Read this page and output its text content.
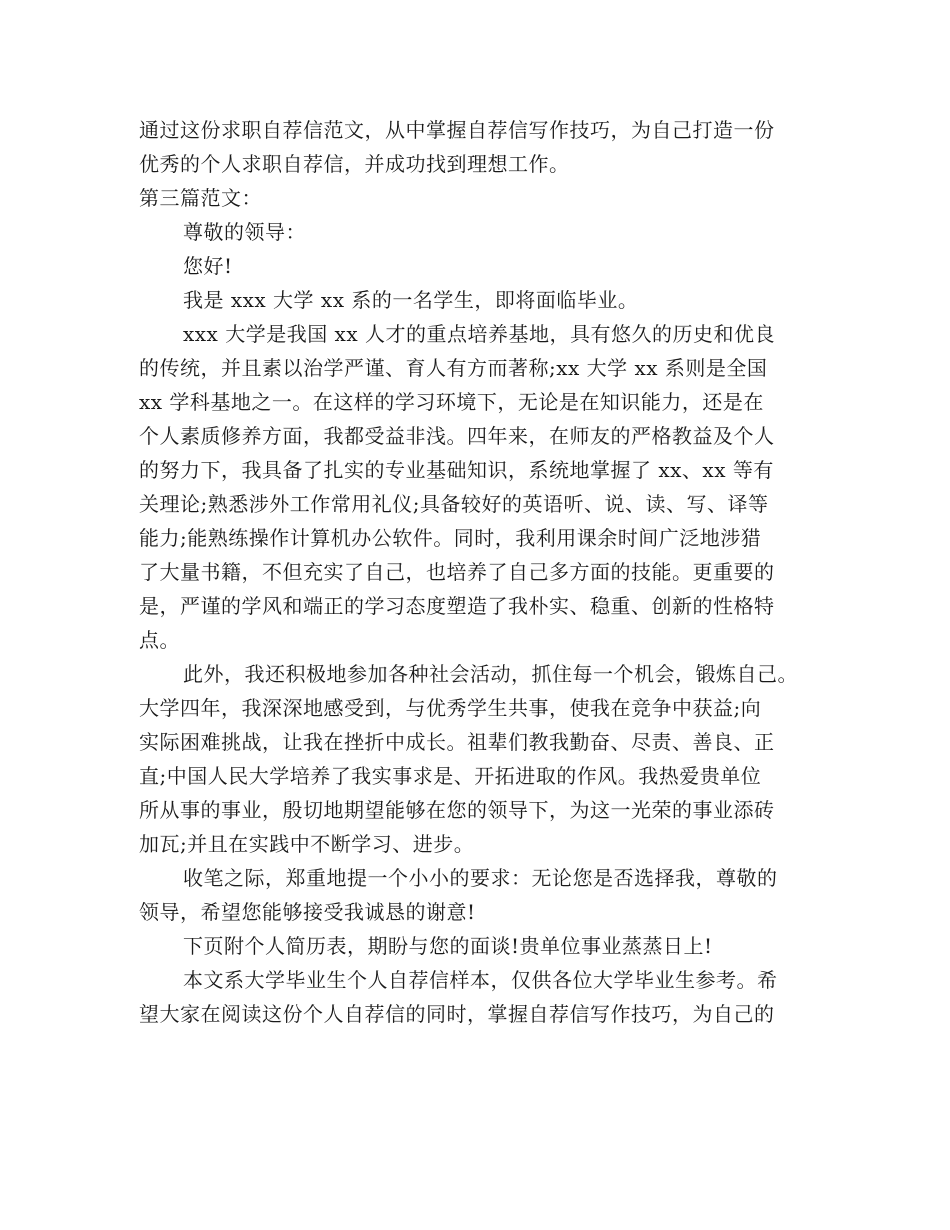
通过这份求职自荐信范文，从中掌握自荐信写作技巧，为自己打造一份
优秀的个人求职自荐信，并成功找到理想工作。
第三篇范文：
尊敬的领导：
您好!
我是 xxx 大学 xx 系的一名学生，即将面临毕业。
xxx 大学是我国 xx 人才的重点培养基地，具有悠久的历史和优良
的传统，并且素以治学严谨、育人有方而著称;xx 大学 xx 系则是全国
xx 学科基地之一。在这样的学习环境下，无论是在知识能力，还是在
个人素质修养方面，我都受益非浅。四年来，在师友的严格教益及个人
的努力下，我具备了扎实的专业基础知识，系统地掌握了 xx、xx 等有
关理论;熟悉涉外工作常用礼仪;具备较好的英语听、说、读、写、译等
能力;能熟练操作计算机办公软件。同时，我利用课余时间广泛地涉猎
了大量书籍，不但充实了自己，也培养了自己多方面的技能。更重要的
是，严谨的学风和端正的学习态度塑造了我朴实、稳重、创新的性格特
点。
此外，我还积极地参加各种社会活动，抓住每一个机会，锻炼自己。
大学四年，我深深地感受到，与优秀学生共事，使我在竞争中获益;向
实际困难挑战，让我在挫折中成长。祖辈们教我勤奋、尽责、善良、正
直;中国人民大学培养了我实事求是、开拓进取的作风。我热爱贵单位
所从事的事业，殷切地期望能够在您的领导下，为这一光荣的事业添砖
加瓦;并且在实践中不断学习、进步。
收笔之际，郑重地提一个小小的要求：无论您是否选择我，尊敬的
领导，希望您能够接受我诚恳的谢意!
下页附个人简历表，期盼与您的面谈!贵单位事业蒸蒸日上!
本文系大学毕业生个人自荐信样本，仅供各位大学毕业生参考。希
望大家在阅读这份个人自荐信的同时，掌握自荐信写作技巧，为自己的
